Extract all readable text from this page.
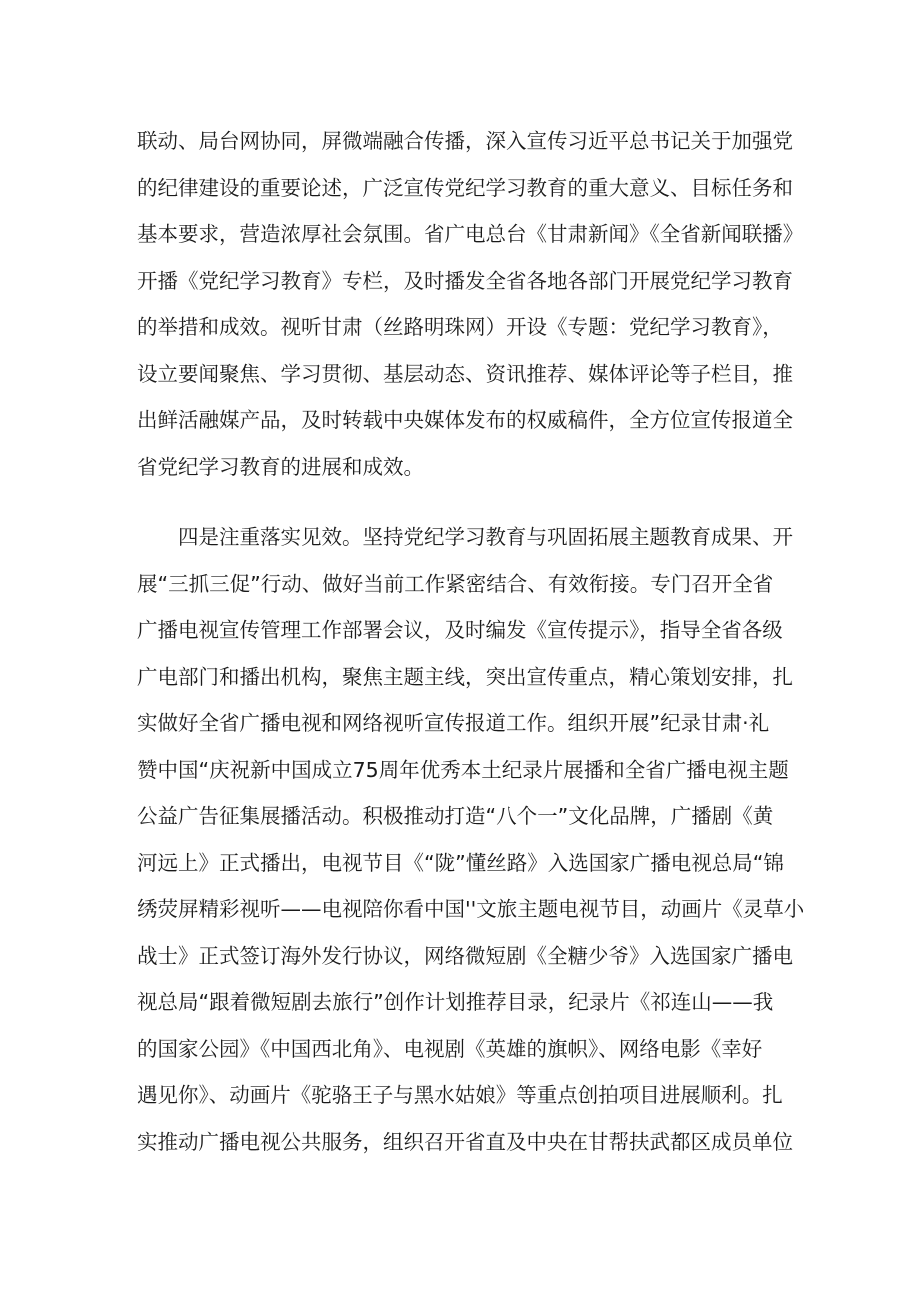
联动、局台网协同，屏微端融合传播，深入宣传习近平总书记关于加强党
的纪律建设的重要论述，广泛宣传党纪学习教育的重大意义、目标任务和
基本要求，营造浓厚社会氛围。省广电总台《甘肃新闻》《全省新闻联播》
开播《党纪学习教育》专栏，及时播发全省各地各部门开展党纪学习教育
的举措和成效。视听甘肃（丝路明珠网）开设《专题：党纪学习教育》，
设立要闻聚焦、学习贯彻、基层动态、资讯推荐、媒体评论等子栏目，推
出鲜活融媒产品，及时转载中央媒体发布的权威稿件，全方位宣传报道全
省党纪学习教育的进展和成效。
　　四是注重落实见效。坚持党纪学习教育与巩固拓展主题教育成果、开
展“三抓三促”行动、做好当前工作紧密结合、有效衔接。专门召开全省
广播电视宣传管理工作部署会议，及时编发《宣传提示》，指导全省各级
广电部门和播出机构，聚焦主题主线，突出宣传重点，精心策划安排，扎
实做好全省广播电视和网络视听宣传报道工作。组织开展”纪录甘肃·礼
赞中国“庆祝新中国成立75周年优秀本土纪录片展播和全省广播电视主题
公益广告征集展播活动。积极推动打造“八个一”文化品牌，广播剧《黄
河远上》正式播出，电视节目《“陇”懂丝路》入选国家广播电视总局“锦
绣荧屏精彩视听——电视陪你看中国''文旅主题电视节目，动画片《灵草小
战士》正式签订海外发行协议，网络微短剧《全糖少爷》入选国家广播电
视总局“跟着微短剧去旅行”创作计划推荐目录，纪录片《祁连山——我
的国家公园》《中国西北角》、电视剧《英雄的旗帜》、网络电影《幸好
遇见你》、动画片《驼骆王子与黑水姑娘》等重点创拍项目进展顺利。扎
实推动广播电视公共服务，组织召开省直及中央在甘帮扶武都区成员单位
